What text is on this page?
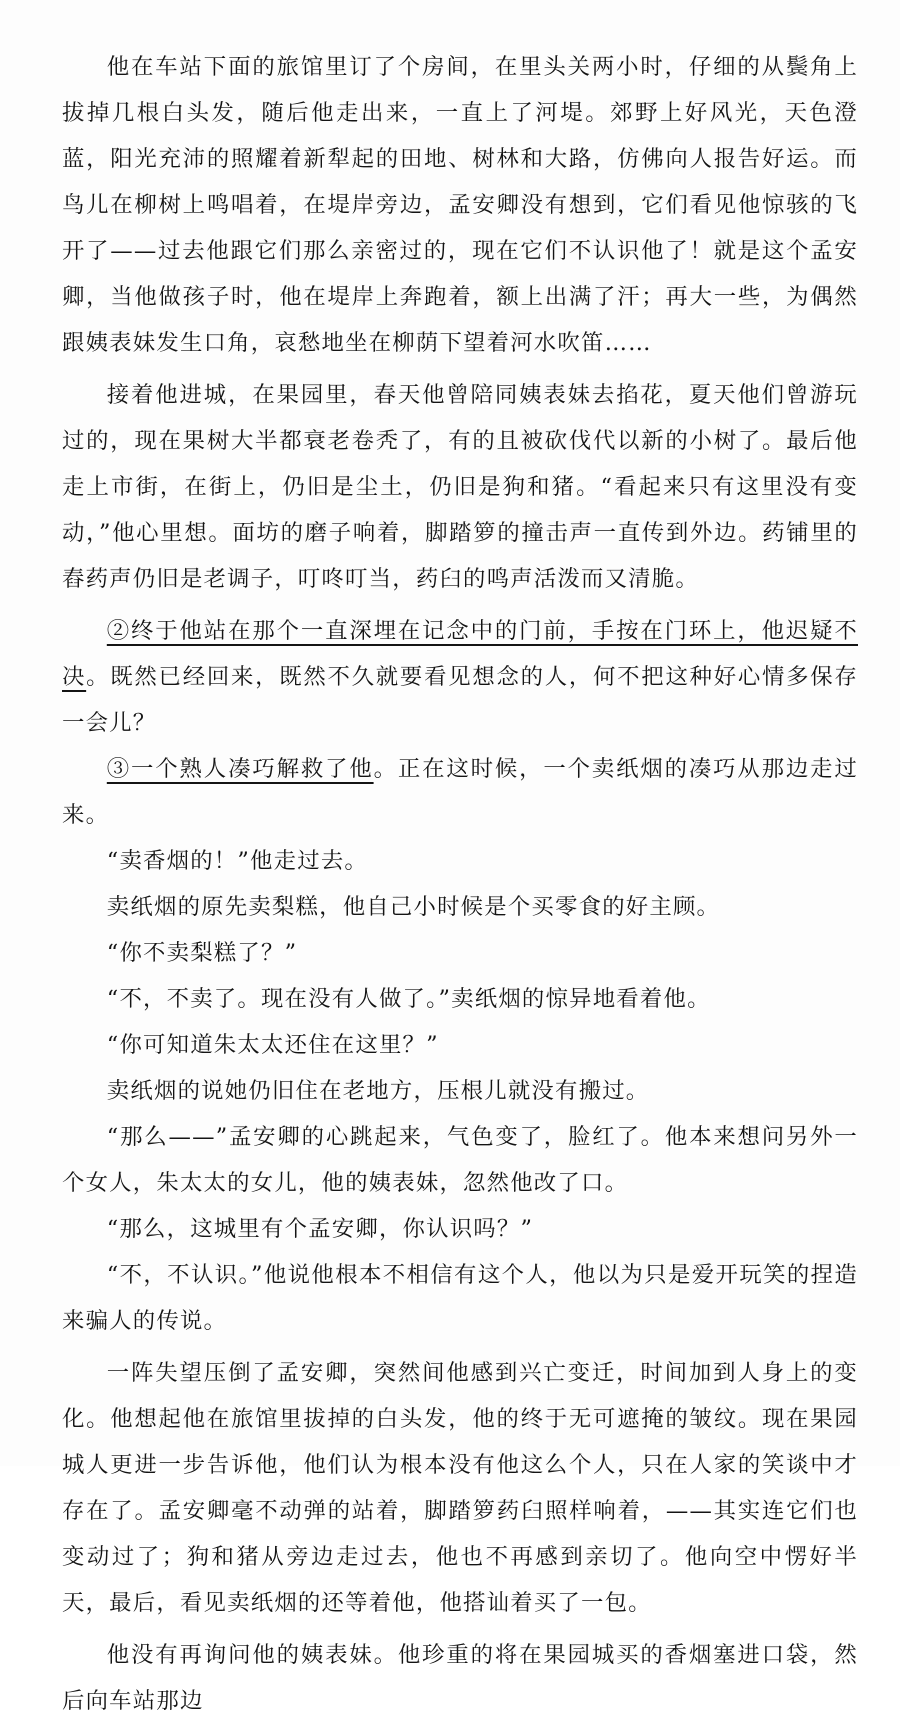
他在车站下面的旅馆里订了个房间，在里头关两小时，仔细的从鬓角上拔掉几根白头发，随后他走出来，一直上了河堤。郊野上好风光，天色澄蓝，阳光充沛的照耀着新犁起的田地、树林和大路，仿佛向人报告好运。而鸟儿在柳树上鸣唱着，在堤岸旁边，孟安卿没有想到，它们看见他惊骇的飞开了——过去他跟它们那么亲密过的，现在它们不认识他了！就是这个孟安卿，当他做孩子时，他在堤岸上奔跑着，额上出满了汗；再大一些，为偶然跟姨表妹发生口角，哀愁地坐在柳荫下望着河水吹笛……

接着他进城，在果园里，春天他曾陪同姨表妹去掐花，夏天他们曾游玩过的，现在果树大半都衰老卷秃了，有的且被砍伐代以新的小树了。最后他走上市街，在街上，仍旧是尘土，仍旧是狗和猪。“看起来只有这里没有变动，”他心里想。面坊的磨子响着，脚踏箩的撞击声一直传到外边。药铺里的舂药声仍旧是老调子，叮咚叮当，药臼的鸣声活泼而又清脆。

②终于他站在那个一直深埋在记念中的门前，手按在门环上，他迟疑不决。既然已经回来，既然不久就要看见想念的人，何不把这种好心情多保存一会儿？

③一个熟人凑巧解救了他。正在这时候，一个卖纸烟的凑巧从那边走过来。

“卖香烟的！”他走过去。

卖纸烟的原先卖梨糕，他自己小时候是个买零食的好主顾。

“你不卖梨糕了？”

“不，不卖了。现在没有人做了。”卖纸烟的惊异地看着他。

“你可知道朱太太还住在这里？”

卖纸烟的说她仍旧住在老地方，压根儿就没有搬过。

“那么——”孟安卿的心跳起来，气色变了，脸红了。他本来想问另外一个女人，朱太太的女儿，他的姨表妹，忽然他改了口。

“那么，这城里有个孟安卿，你认识吗？”

“不，不认识。”他说他根本不相信有这个人，他以为只是爱开玩笑的捏造来骗人的传说。

一阵失望压倒了孟安卿，突然间他感到兴亡变迁，时间加到人身上的变化。他想起他在旅馆里拔掉的白头发，他的终于无可遮掩的皱纹。现在果园城人更进一步告诉他，他们认为根本没有他这么个人，只在人家的笑谈中才存在了。孟安卿毫不动弹的站着，脚踏箩药臼照样响着，——其实连它们也变动过了；狗和猪从旁边走过去，他也不再感到亲切了。他向空中愣好半天，最后，看见卖纸烟的还等着他，他搭讪着买了一包。

他没有再询问他的姨表妹。他珍重的将在果园城买的香烟塞进口袋，然后向车站那边
